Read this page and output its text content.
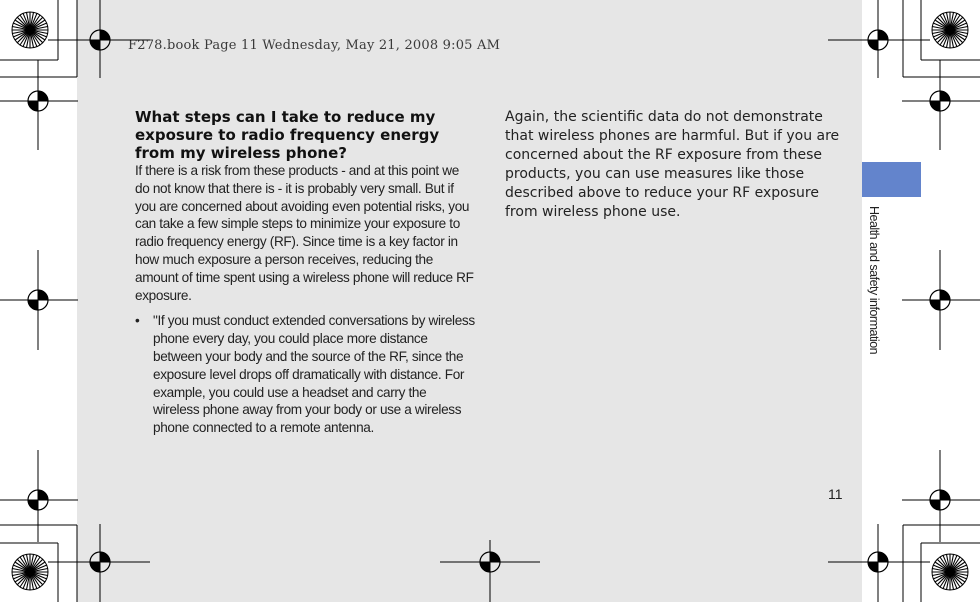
F278.book Page 11 Wednesday, May 21, 2008 9:05 AM

What steps can I take to reduce my exposure to radio frequency energy from my wireless phone?

If there is a risk from these products - and at this point we do not know that there is - it is probably very small. But if you are concerned about avoiding even potential risks, you can take a few simple steps to minimize your exposure to radio frequency energy (RF). Since time is a key factor in how much exposure a person receives, reducing the amount of time spent using a wireless phone will reduce RF exposure.

• "If you must conduct extended conversations by wireless phone every day, you could place more distance between your body and the source of the RF, since the exposure level drops off dramatically with distance. For example, you could use a headset and carry the wireless phone away from your body or use a wireless phone connected to a remote antenna.

Again, the scientific data do not demonstrate that wireless phones are harmful. But if you are concerned about the RF exposure from these products, you can use measures like those described above to reduce your RF exposure from wireless phone use.	Health and safety information
11
